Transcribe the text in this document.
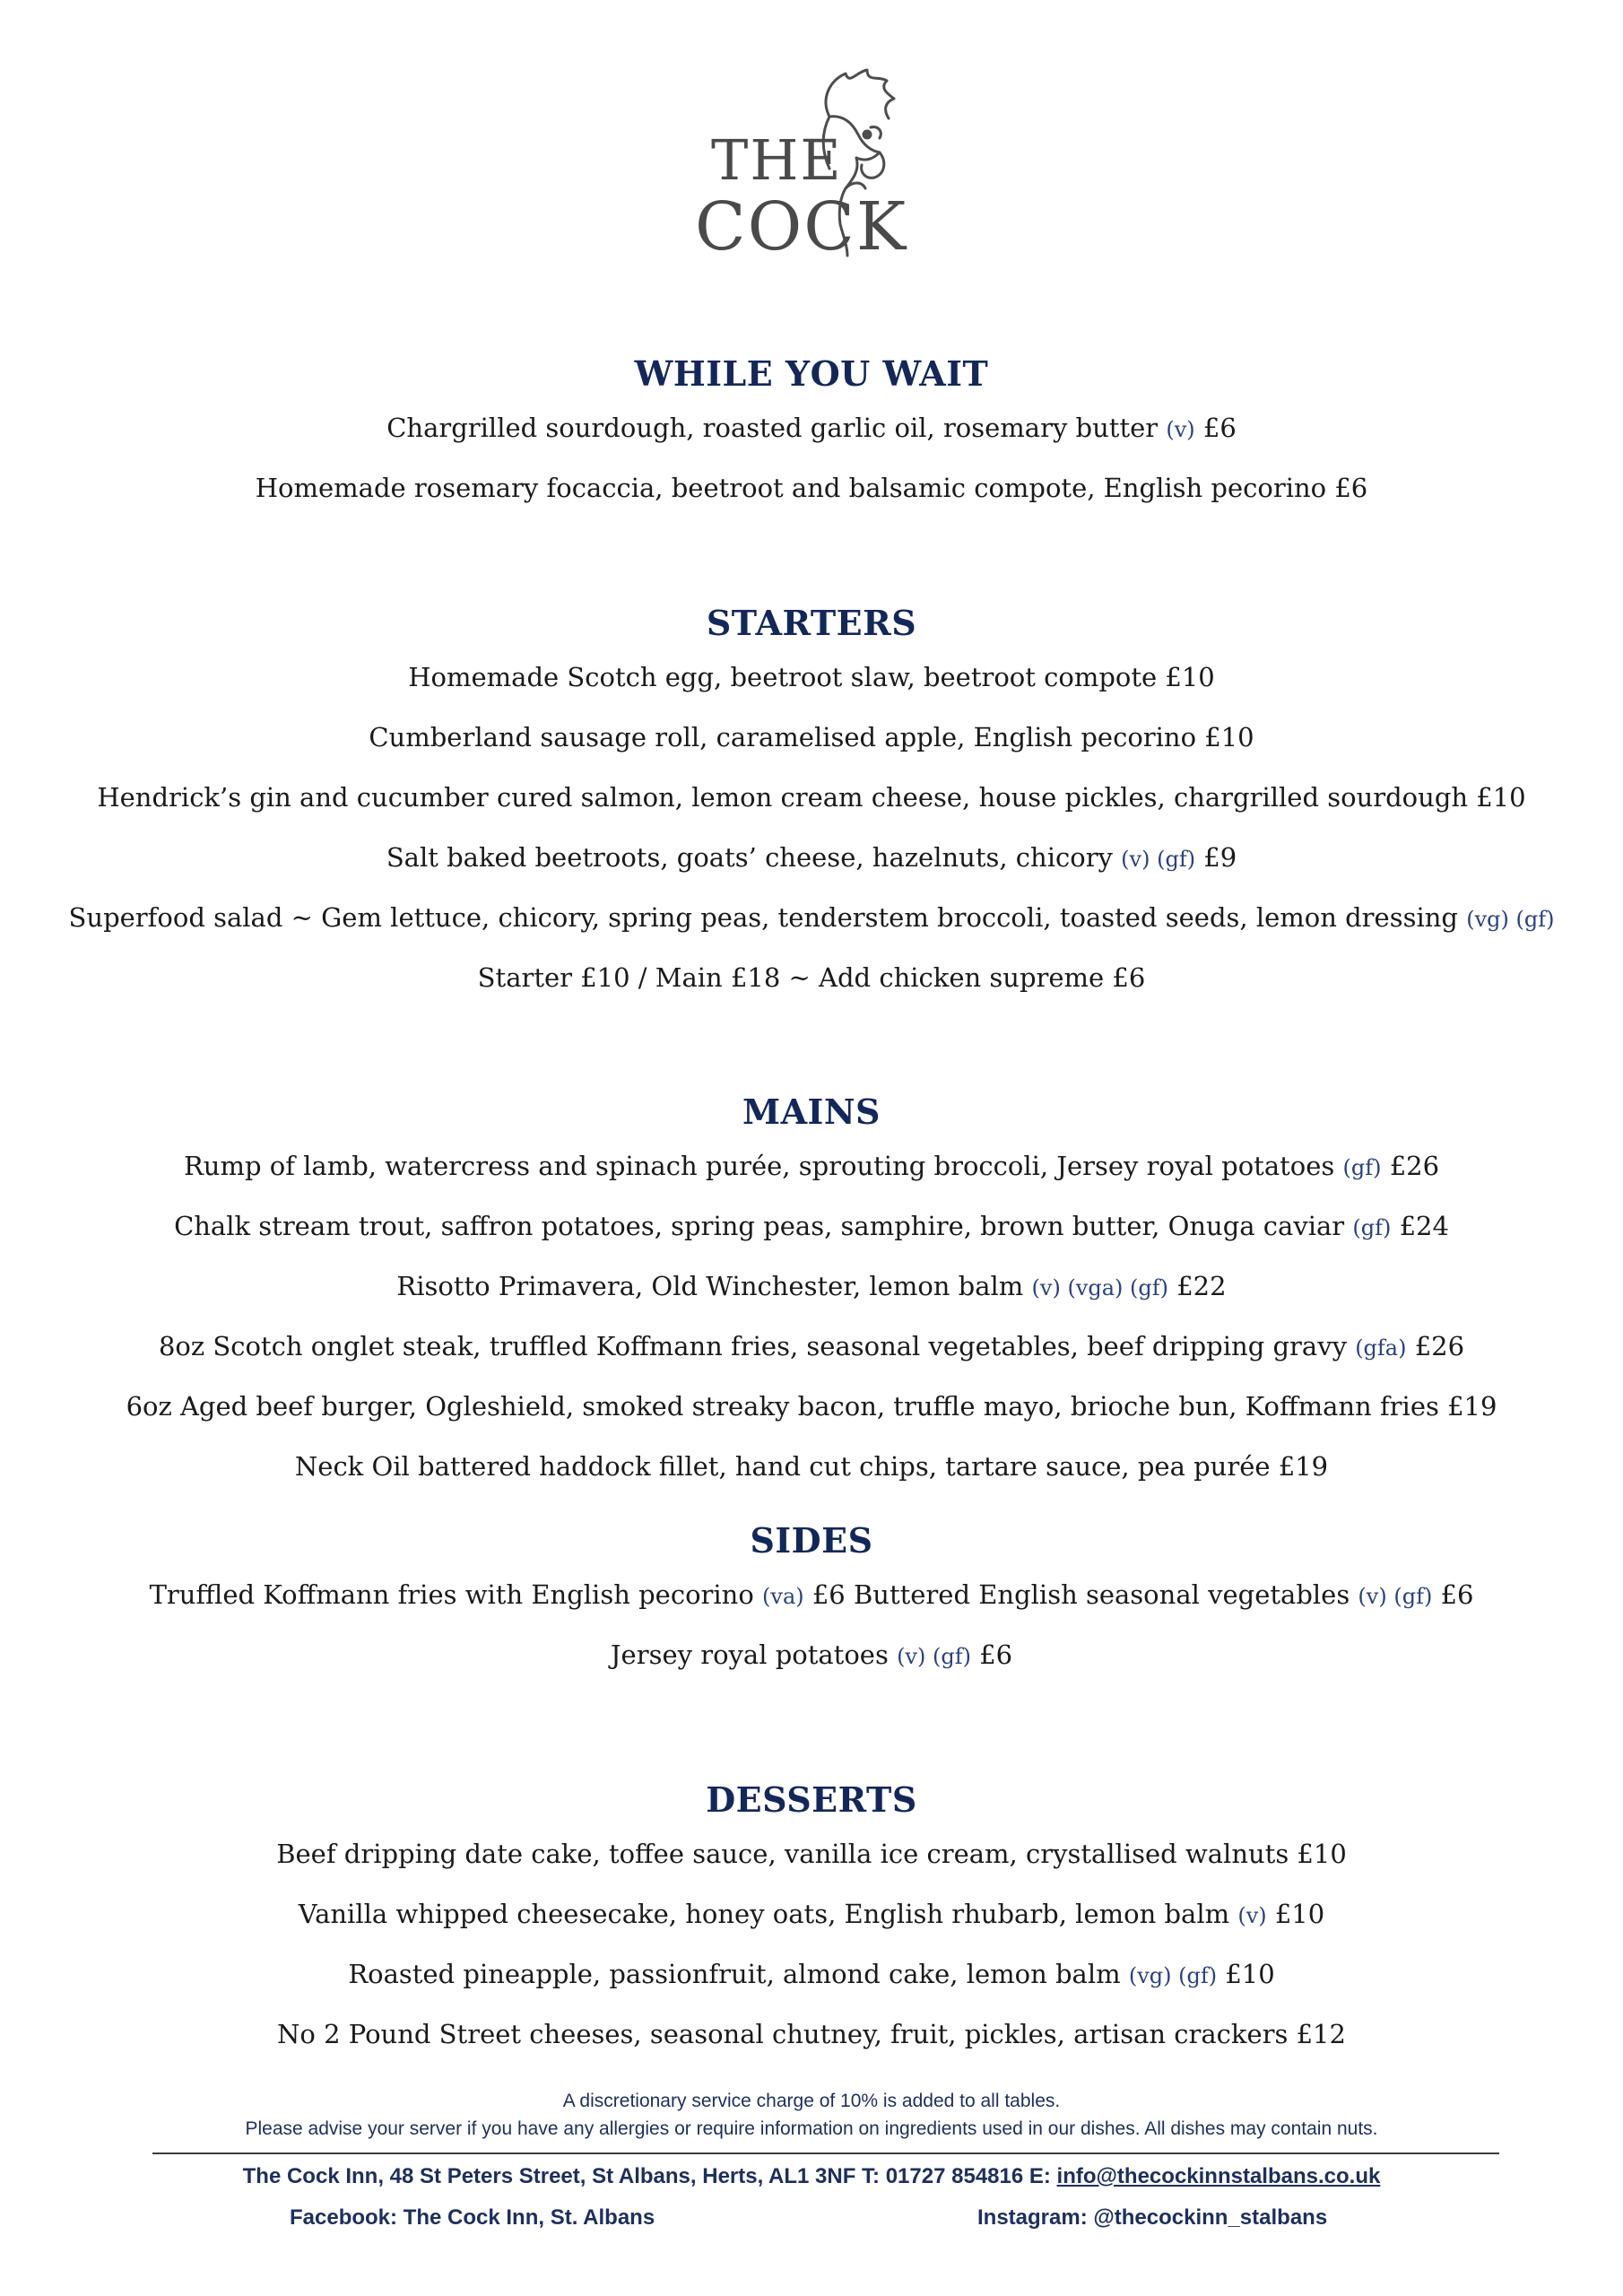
THE
COCK
WHILE YOU WAIT
Chargrilled sourdough, roasted garlic oil, rosemary butter (v) £6
Homemade rosemary focaccia, beetroot and balsamic compote, English pecorino £6
STARTERS
Homemade Scotch egg, beetroot slaw, beetroot compote £10
Cumberland sausage roll, caramelised apple, English pecorino £10
Hendrick’s gin and cucumber cured salmon, lemon cream cheese, house pickles, chargrilled sourdough £10
Salt baked beetroots, goats’ cheese, hazelnuts, chicory (v) (gf) £9
Superfood salad ~ Gem lettuce, chicory, spring peas, tenderstem broccoli, toasted seeds, lemon dressing (vg) (gf)
Starter £10 / Main £18 ~ Add chicken supreme £6
MAINS
Rump of lamb, watercress and spinach purée, sprouting broccoli, Jersey royal potatoes (gf) £26
Chalk stream trout, saffron potatoes, spring peas, samphire, brown butter, Onuga caviar (gf) £24
Risotto Primavera, Old Winchester, lemon balm (v) (vga) (gf) £22
8oz Scotch onglet steak, truffled Koffmann fries, seasonal vegetables, beef dripping gravy (gfa) £26
6oz Aged beef burger, Ogleshield, smoked streaky bacon, truffle mayo, brioche bun, Koffmann fries £19
Neck Oil battered haddock fillet, hand cut chips, tartare sauce, pea purée £19
SIDES
Truffled Koffmann fries with English pecorino (va) £6 Buttered English seasonal vegetables (v) (gf) £6
Jersey royal potatoes (v) (gf) £6
DESSERTS
Beef dripping date cake, toffee sauce, vanilla ice cream, crystallised walnuts £10
Vanilla whipped cheesecake, honey oats, English rhubarb, lemon balm (v) £10
Roasted pineapple, passionfruit, almond cake, lemon balm (vg) (gf) £10
No 2 Pound Street cheeses, seasonal chutney, fruit, pickles, artisan crackers £12
A discretionary service charge of 10% is added to all tables.
Please advise your server if you have any allergies or require information on ingredients used in our dishes. All dishes may contain nuts.
The Cock Inn, 48 St Peters Street, St Albans, Herts, AL1 3NF T: 01727 854816 E: info@thecockinnstalbans.co.uk
Facebook: The Cock Inn, St. Albans	Instagram: @thecockinn_stalbans
